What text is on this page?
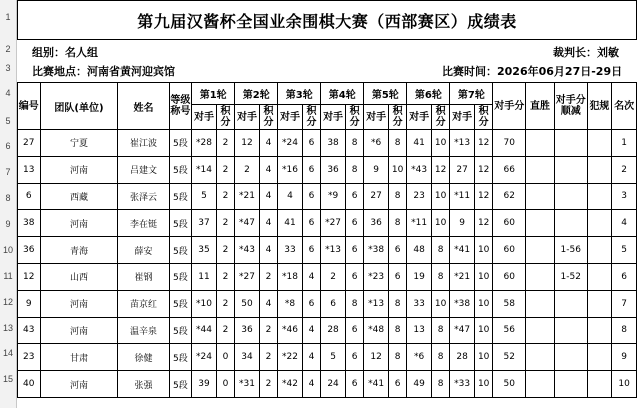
1
2
3
4
5
6
7
8
9
10
11
12
13
14
15
第九届汉酱杯全国业余围棋大赛（西部赛区）成绩表
组别：名人组	裁判长：刘敏
比赛地点：河南省黄河迎宾馆	比赛时间：2026年06月27日-29日
编号	团队(单位)	姓名	等级称号	第1轮		第2轮		第3轮		第4轮		第5轮		第6轮		第7轮		对手分	直胜	对手分顺减	犯规	名次
				对手	积分	对手	积分	对手	积分	对手	积分	对手	积分	对手	积分	对手	积分					
27	宁夏	崔江波	5段	*28	2	12	4	*24	6	38	8	*6	8	41	10	*13	12	70				1
13	河南	吕建文	5段	*14	2	2	4	*16	6	36	8	9	10	*43	12	27	12	66				2
6	西藏	张泽云	5段	5	2	*21	4	4	6	*9	6	27	8	23	10	*11	12	62				3
38	河南	李在铤	5段	37	2	*47	4	41	6	*27	6	36	8	*11	10	9	12	60				4
36	青海	薛安	5段	35	2	*43	4	33	6	*13	6	*38	6	48	8	*41	10	60		1-56		5
12	山西	崔钢	5段	11	2	*27	2	*18	4	2	6	*23	6	19	8	*21	10	60		1-52		6
9	河南	苗京红	5段	*10	2	50	4	*8	6	6	8	*13	8	33	10	*38	10	58				7
43	河南	温辛泉	5段	*44	2	36	2	*46	4	28	6	*48	8	13	8	*47	10	56				8
23	甘肃	徐健	5段	*24	0	34	2	*22	4	5	6	12	8	*6	8	28	10	52				9
40	河南	张强	5段	39	0	*31	2	*42	4	24	6	*41	6	49	8	*33	10	50				10
